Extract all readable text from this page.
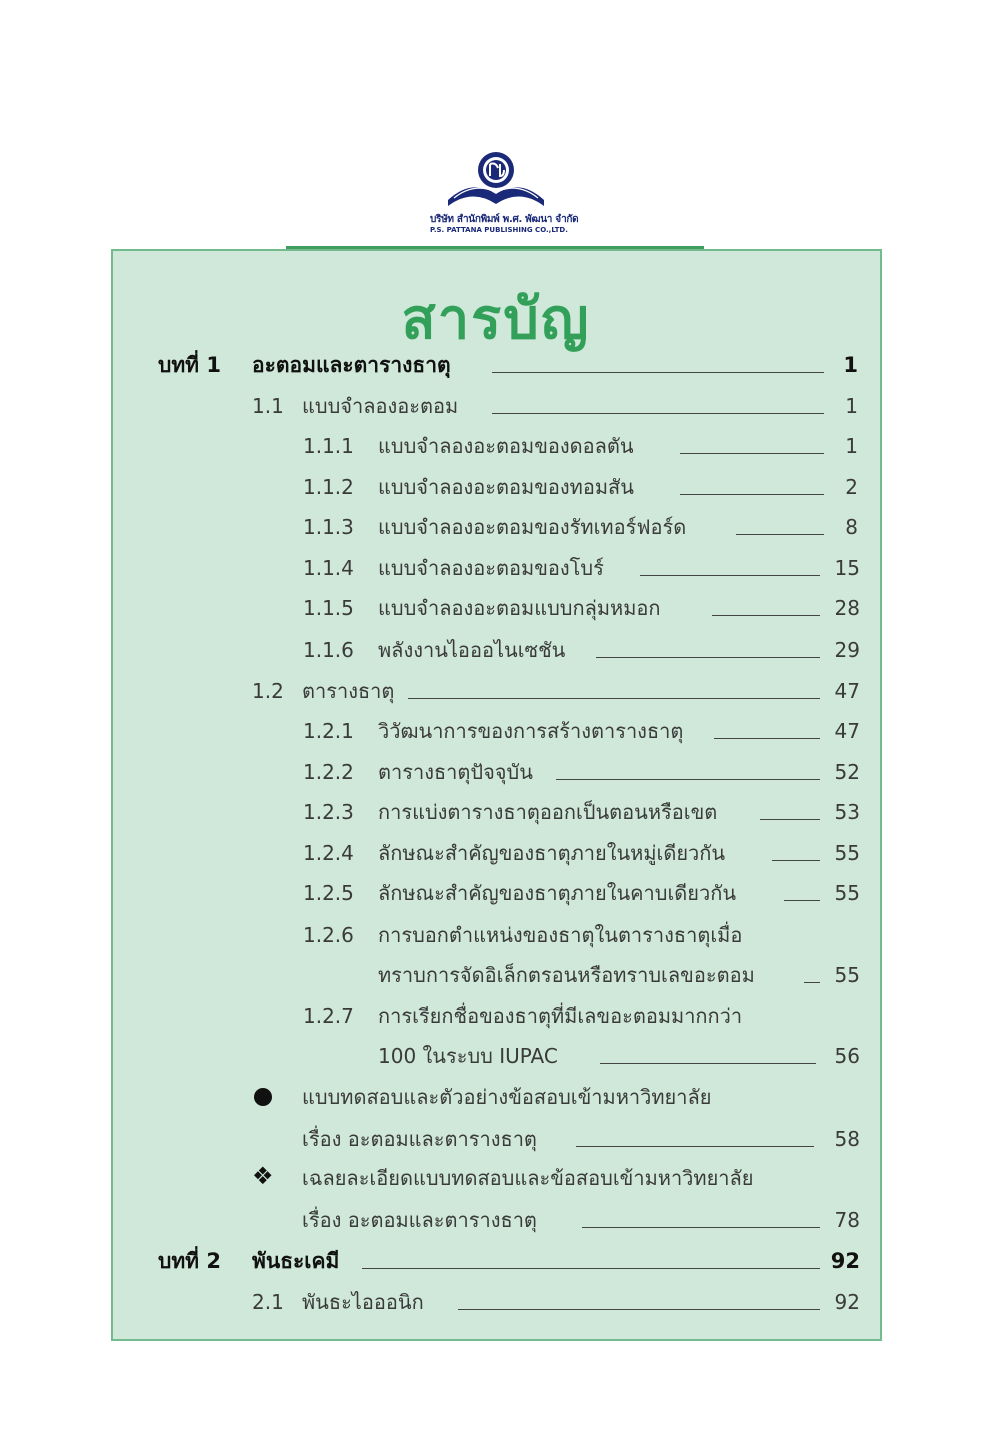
บริษัท สำนักพิมพ์ พ.ศ. พัฒนา จำกัด
P.S. PATTANA PUBLISHING CO.,LTD.
สารบัญ
บทที่ 1 อะตอมและตารางธาตุ	1
1.1 แบบจำลองอะตอม	1
1.1.1 แบบจำลองอะตอมของดอลตัน	1
1.1.2 แบบจำลองอะตอมของทอมสัน	2
1.1.3 แบบจำลองอะตอมของรัทเทอร์ฟอร์ด	8
1.1.4 แบบจำลองอะตอมของโบร์	15
1.1.5 แบบจำลองอะตอมแบบกลุ่มหมอก	28
1.1.6 พลังงานไอออไนเซชัน	29
1.2 ตารางธาตุ	47
1.2.1 วิวัฒนาการของการสร้างตารางธาตุ	47
1.2.2 ตารางธาตุปัจจุบัน	52
1.2.3 การแบ่งตารางธาตุออกเป็นตอนหรือเขต	53
1.2.4 ลักษณะสำคัญของธาตุภายในหมู่เดียวกัน	55
1.2.5 ลักษณะสำคัญของธาตุภายในคาบเดียวกัน	55
1.2.6 การบอกตำแหน่งของธาตุในตารางธาตุเมื่อ
ทราบการจัดอิเล็กตรอนหรือทราบเลขอะตอม	55
1.2.7 การเรียกชื่อของธาตุที่มีเลขอะตอมมากกว่า
100 ในระบบ IUPAC	56
แบบทดสอบและตัวอย่างข้อสอบเข้ามหาวิทยาลัย
เรื่อง อะตอมและตารางธาตุ	58
❖ เฉลยละเอียดแบบทดสอบและข้อสอบเข้ามหาวิทยาลัย
เรื่อง อะตอมและตารางธาตุ	78
บทที่ 2 พันธะเคมี	92
2.1 พันธะไอออนิก	92
